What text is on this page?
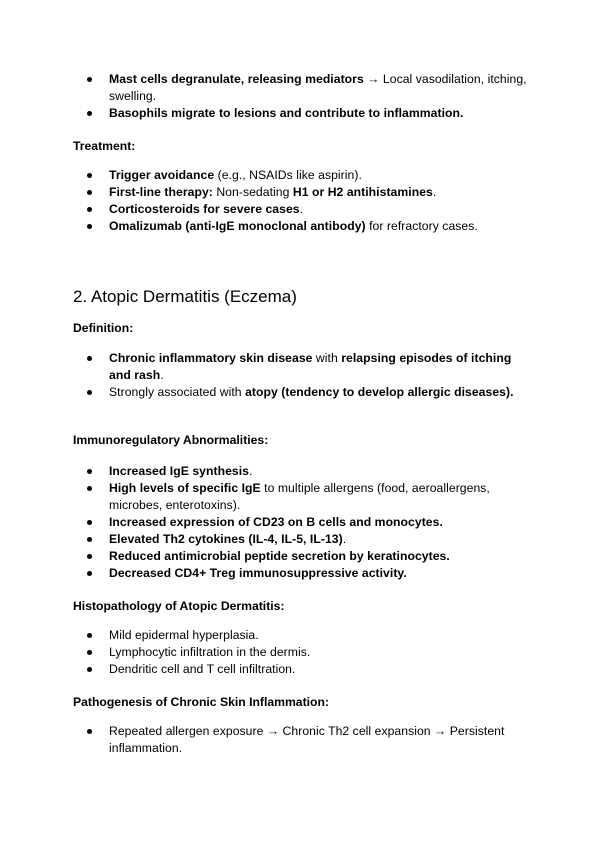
Mast cells degranulate, releasing mediators → Local vasodilation, itching, swelling.
Basophils migrate to lesions and contribute to inflammation.
Treatment:
Trigger avoidance (e.g., NSAIDs like aspirin).
First-line therapy: Non-sedating H1 or H2 antihistamines.
Corticosteroids for severe cases.
Omalizumab (anti-IgE monoclonal antibody) for refractory cases.
2. Atopic Dermatitis (Eczema)
Definition:
Chronic inflammatory skin disease with relapsing episodes of itching and rash.
Strongly associated with atopy (tendency to develop allergic diseases).
Immunoregulatory Abnormalities:
Increased IgE synthesis.
High levels of specific IgE to multiple allergens (food, aeroallergens, microbes, enterotoxins).
Increased expression of CD23 on B cells and monocytes.
Elevated Th2 cytokines (IL-4, IL-5, IL-13).
Reduced antimicrobial peptide secretion by keratinocytes.
Decreased CD4+ Treg immunosuppressive activity.
Histopathology of Atopic Dermatitis:
Mild epidermal hyperplasia.
Lymphocytic infiltration in the dermis.
Dendritic cell and T cell infiltration.
Pathogenesis of Chronic Skin Inflammation:
Repeated allergen exposure → Chronic Th2 cell expansion → Persistent inflammation.
